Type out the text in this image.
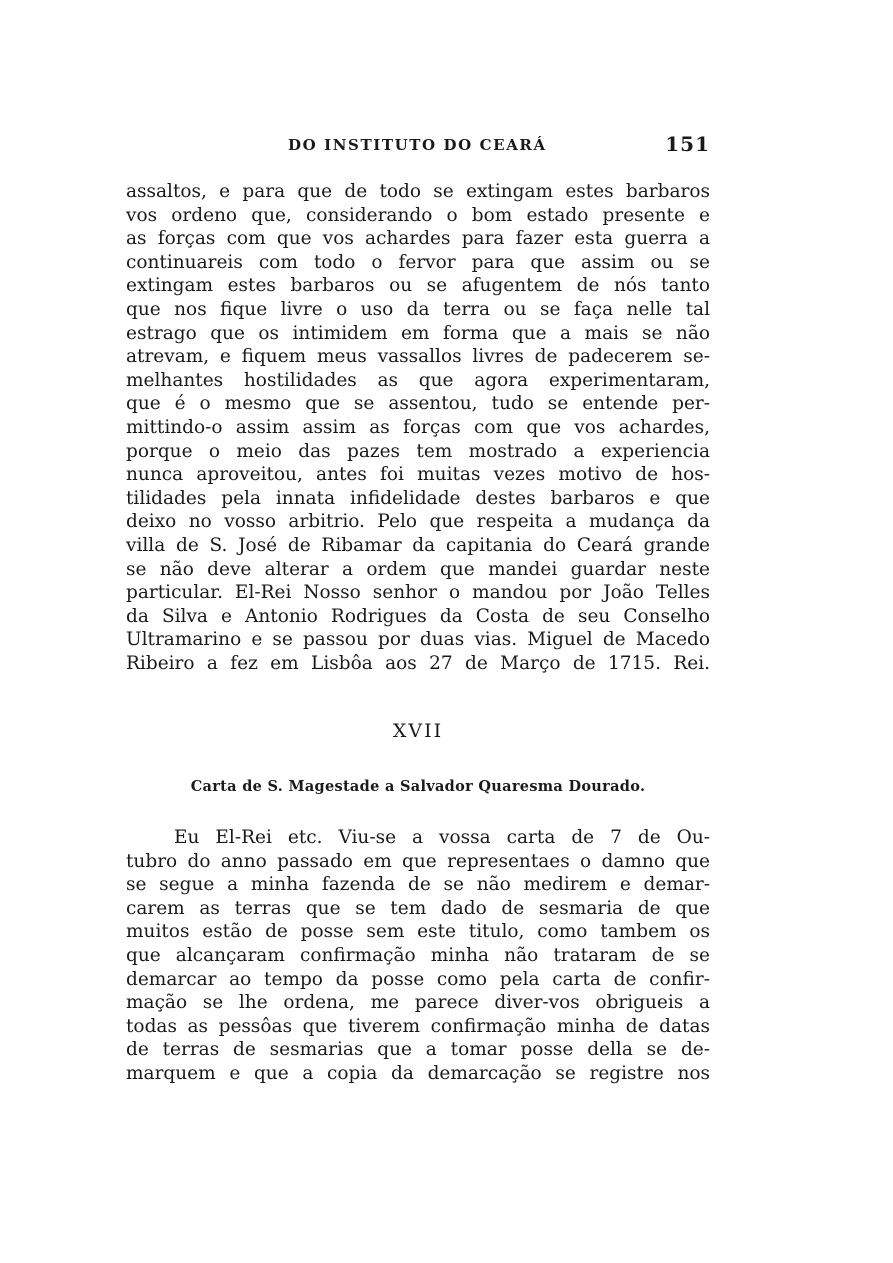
DO INSTITUTO DO CEARÁ	151
assaltos, e para que de todo se extingam estes barbaros
vos ordeno que, considerando o bom estado presente e
as forças com que vos achardes para fazer esta guerra a
continuareis com todo o fervor para que assim ou se
extingam estes barbaros ou se afugentem de nós tanto
que nos fique livre o uso da terra ou se faça nelle tal
estrago que os intimidem em forma que a mais se não
atrevam, e fiquem meus vassallos livres de padecerem se-
melhantes hostilidades as que agora experimentaram,
que é o mesmo que se assentou, tudo se entende per-
mittindo-o assim assim as forças com que vos achardes,
porque o meio das pazes tem mostrado a experiencia
nunca aproveitou, antes foi muitas vezes motivo de hos-
tilidades pela innata infidelidade destes barbaros e que
deixo no vosso arbitrio. Pelo que respeita a mudança da
villa de S. José de Ribamar da capitania do Ceará grande
se não deve alterar a ordem que mandei guardar neste
particular. El-Rei Nosso senhor o mandou por João Telles
da Silva e Antonio Rodrigues da Costa de seu Conselho
Ultramarino e se passou por duas vias. Miguel de Macedo
Ribeiro a fez em Lisbôa aos 27 de Março de 1715. Rei.
XVII
Carta de S. Magestade a Salvador Quaresma Dourado.
Eu El-Rei etc. Viu-se a vossa carta de 7 de Ou-
tubro do anno passado em que representaes o damno que
se segue a minha fazenda de se não medirem e demar-
carem as terras que se tem dado de sesmaria de que
muitos estão de posse sem este titulo, como tambem os
que alcançaram confirmação minha não trataram de se
demarcar ao tempo da posse como pela carta de confir-
mação se lhe ordena, me parece diver-vos obrigueis a
todas as pessôas que tiverem confirmação minha de datas
de terras de sesmarias que a tomar posse della se de-
marquem e que a copia da demarcação se registre nos
